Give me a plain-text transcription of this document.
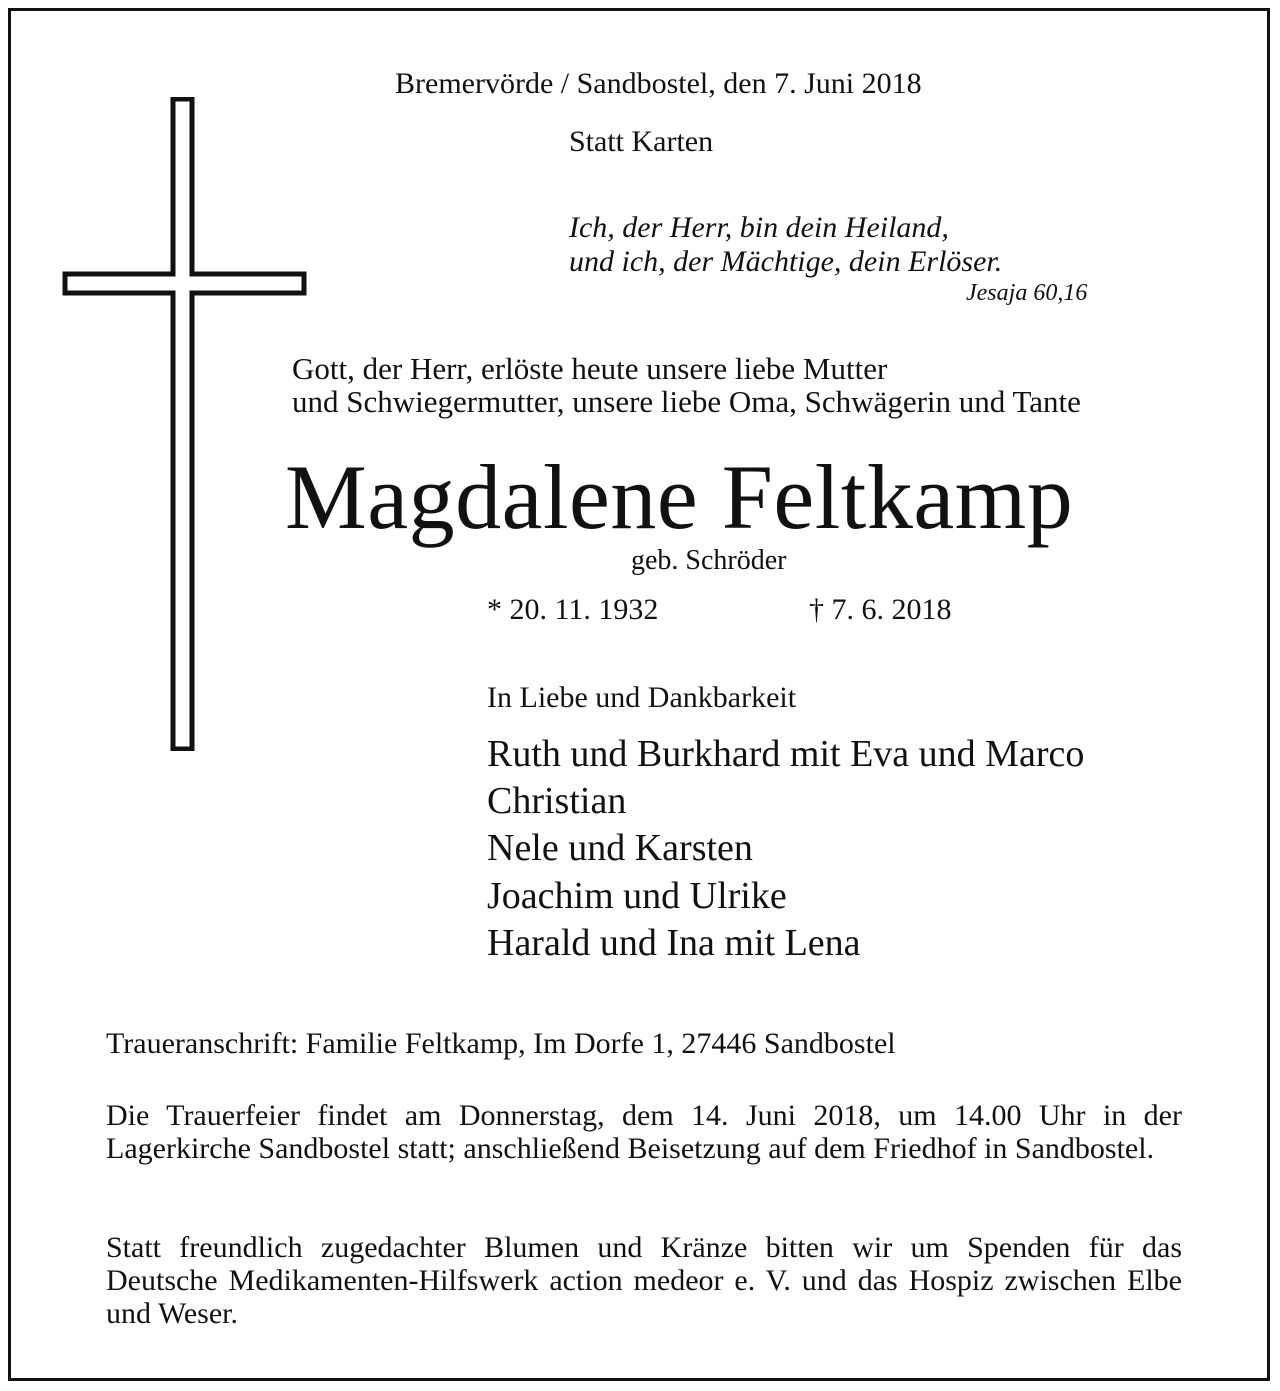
Bremervörde / Sandbostel, den 7. Juni 2018

Statt Karten

Ich, der Herr, bin dein Heiland,

und ich, der Mächtige, dein Erlöser.

Jesaja 60,16

Gott, der Herr, erlöste heute unsere liebe Mutter

und Schwiegermutter, unsere liebe Oma, Schwägerin und Tante

Magdalene Feltkamp

geb. Schröder

* 20. 11. 1932	† 7. 6. 2018

In Liebe und Dankbarkeit

Ruth und Burkhard mit Eva und Marco

Christian

Nele und Karsten

Joachim und Ulrike

Harald und Ina mit Lena

Traueranschrift: Familie Feltkamp, Im Dorfe 1, 27446 Sandbostel

Die Trauerfeier findet am Donnerstag, dem 14. Juni 2018, um 14.00 Uhr in der Lagerkirche Sandbostel statt; anschließend Beisetzung auf dem Friedhof in Sandbostel.

Statt freundlich zugedachter Blumen und Kränze bitten wir um Spenden für das Deutsche Medikamenten-Hilfswerk action medeor e. V. und das Hospiz zwischen Elbe und Weser.
